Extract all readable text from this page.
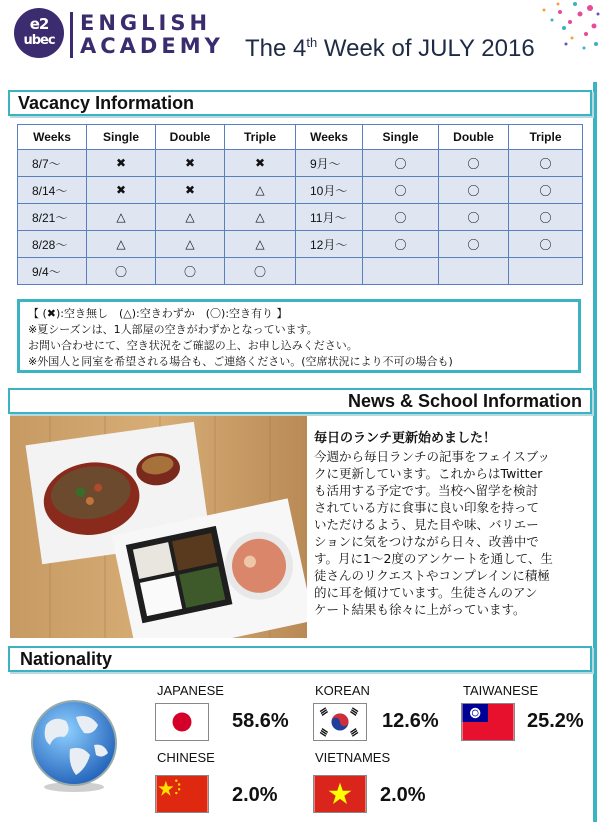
e2
ubec
ENGLISH
ACADEMY The 4th Week of JULY 2016
Vacancy Information
Weeks	Single	Double	Triple	Weeks	Single	Double	Triple
8/7～	✖	✖	✖	9月～	〇	〇	〇
8/14～	✖	✖	△	10月～	〇	〇	〇
8/21～	△	△	△	11月～	〇	〇	〇
8/28～	△	△	△	12月～	〇	〇	〇
9/4～	〇	〇	〇				
【 (✖):空き無し　(△):空きわずか　(〇):空き有り 】
※夏シーズンは、1人部屋の空きがわずかとなっています。
お問い合わせにて、空き状況をご確認の上、お申し込みください。
※外国人と同室を希望される場合も、ご連絡ください。(空席状況により不可の場合も)
News & School Information
毎日のランチ更新始めました！
今週から毎日ランチの記事をフェイスブッ
クに更新しています。これからはTwitter
も活用する予定です。当校へ留学を検討
されている方に食事に良い印象を持って
いただけるよう、見た目や味、バリエー
ションに気をつけながら日々、改善中で
す。月に1～2度のアンケートを通して、生
徒さんのリクエストやコンプレインに積極
的に耳を傾けています。生徒さんのアン
ケート結果も徐々に上がっています。
Nationality
JAPANESE
58.6%
KOREAN
12.6%
TAIWANESE
25.2%
CHINESE
2.0%
VIETNAMES
2.0%
